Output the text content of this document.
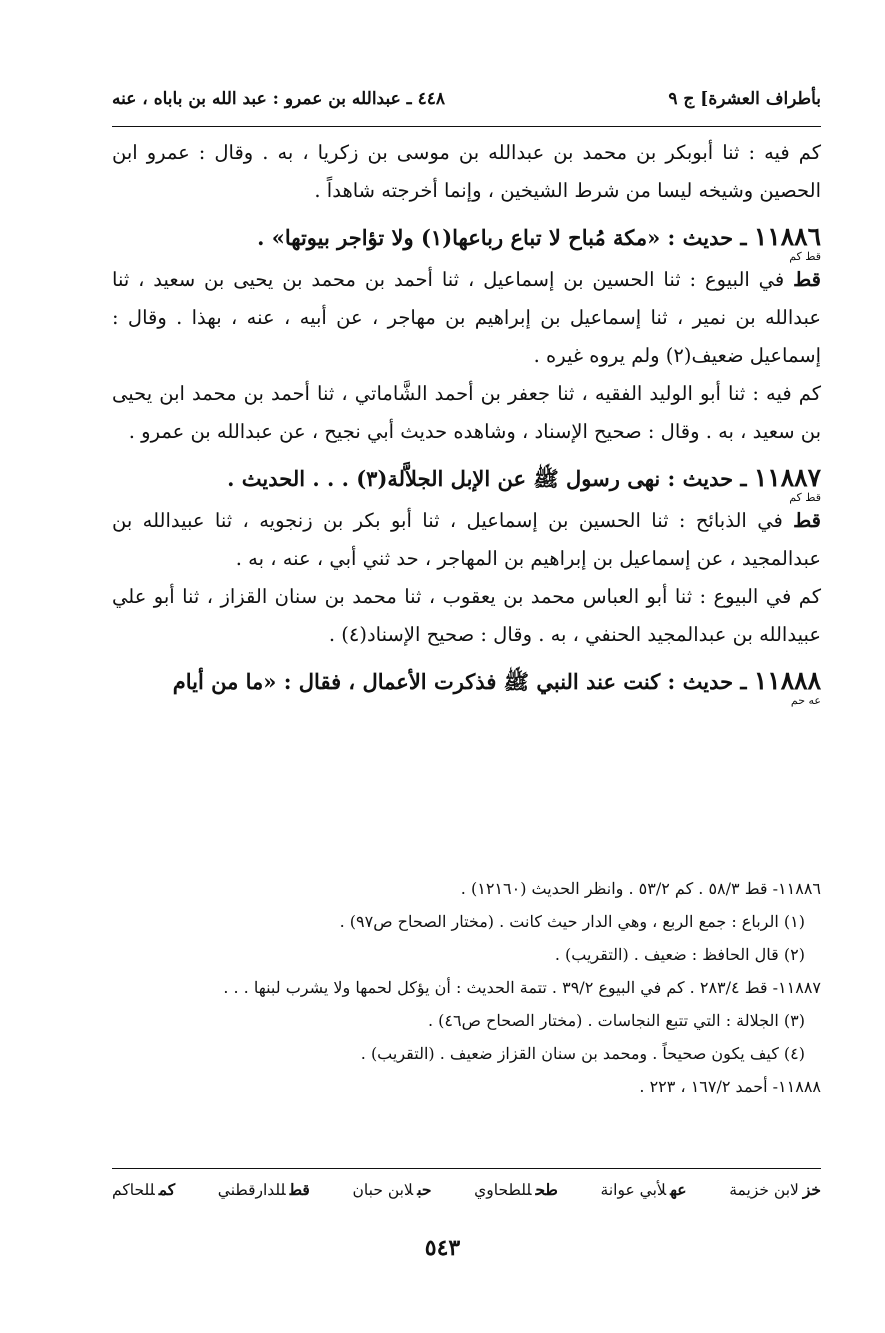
بأطراف العشرة] ج ٩
٤٤٨ ـ عبدالله بن عمرو : عبد الله بن باباه ، عنه

كم فيه : ثنا أبوبكر بن محمد بن عبدالله بن موسى بن زكريا ، به . وقال : عمرو ابن الحصين وشيخه ليسا من شرط الشيخين ، وإنما أخرجته شاهداً .

١١٨٨٦ ـ حديث : «مكة مُباح لا تباع رباعها(١) ولا تؤاجر بيوتها» .
قط كم

قط في البيوع : ثنا الحسين بن إسماعيل ، ثنا أحمد بن محمد بن يحيى بن سعيد ، ثنا عبدالله بن نمير ، ثنا إسماعيل بن إبراهيم بن مهاجر ، عن أبيه ، عنه ، بهذا . وقال : إسماعيل ضعيف(٢) ولم يروه غيره .

كم فيه : ثنا أبو الوليد الفقيه ، ثنا جعفر بن أحمد الشَّاماتي ، ثنا أحمد بن محمد ابن يحيى بن سعيد ، به . وقال : صحيح الإسناد ، وشاهده حديث أبي نجيح ، عن عبدالله بن عمرو .

١١٨٨٧ ـ حديث : نهى رسول ﷺ عن الإبل الجلاَّلة(٣) . . . الحديث .
قط كم

قط في الذبائح : ثنا الحسين بن إسماعيل ، ثنا أبو بكر بن زنجويه ، ثنا عبيدالله بن عبدالمجيد ، عن إسماعيل بن إبراهيم بن المهاجر ، حد ثني أبي ، عنه ، به .

كم في البيوع : ثنا أبو العباس محمد بن يعقوب ، ثنا محمد بن سنان القزاز ، ثنا أبو علي عبيدالله بن عبدالمجيد الحنفي ، به . وقال : صحيح الإسناد(٤) .

١١٨٨٨ ـ حديث : كنت عند النبي ﷺ فذكرت الأعمال ، فقال : «ما من أيام
عه حم

١١٨٨٦- قط ٥٨/٣ . كم ٥٣/٢ . وانظر الحديث (١٢١٦٠) .

(١) الرباع : جمع الربع ، وهي الدار حيث كانت . (مختار الصحاح ص٩٧) .

(٢) قال الحافظ : ضعيف . (التقريب) .

١١٨٨٧- قط ٢٨٣/٤ . كم في البيوع ٣٩/٢ . تتمة الحديث : أن يؤكل لحمها ولا يشرب لبنها . . .

(٣) الجلالة : التي تتبع النجاسات . (مختار الصحاح ص٤٦) .

(٤) كيف يكون صحيحاً . ومحمد بن سنان القزاز ضعيف . (التقريب) .

١١٨٨٨- أحمد ١٦٧/٢ ، ٢٢٣ .

خزلابن خزيمة
عهلأبي عوانة
طحللطحاوي
حبلابن حبان
قطللدارقطني
كمللحاكم
٥٤٣
